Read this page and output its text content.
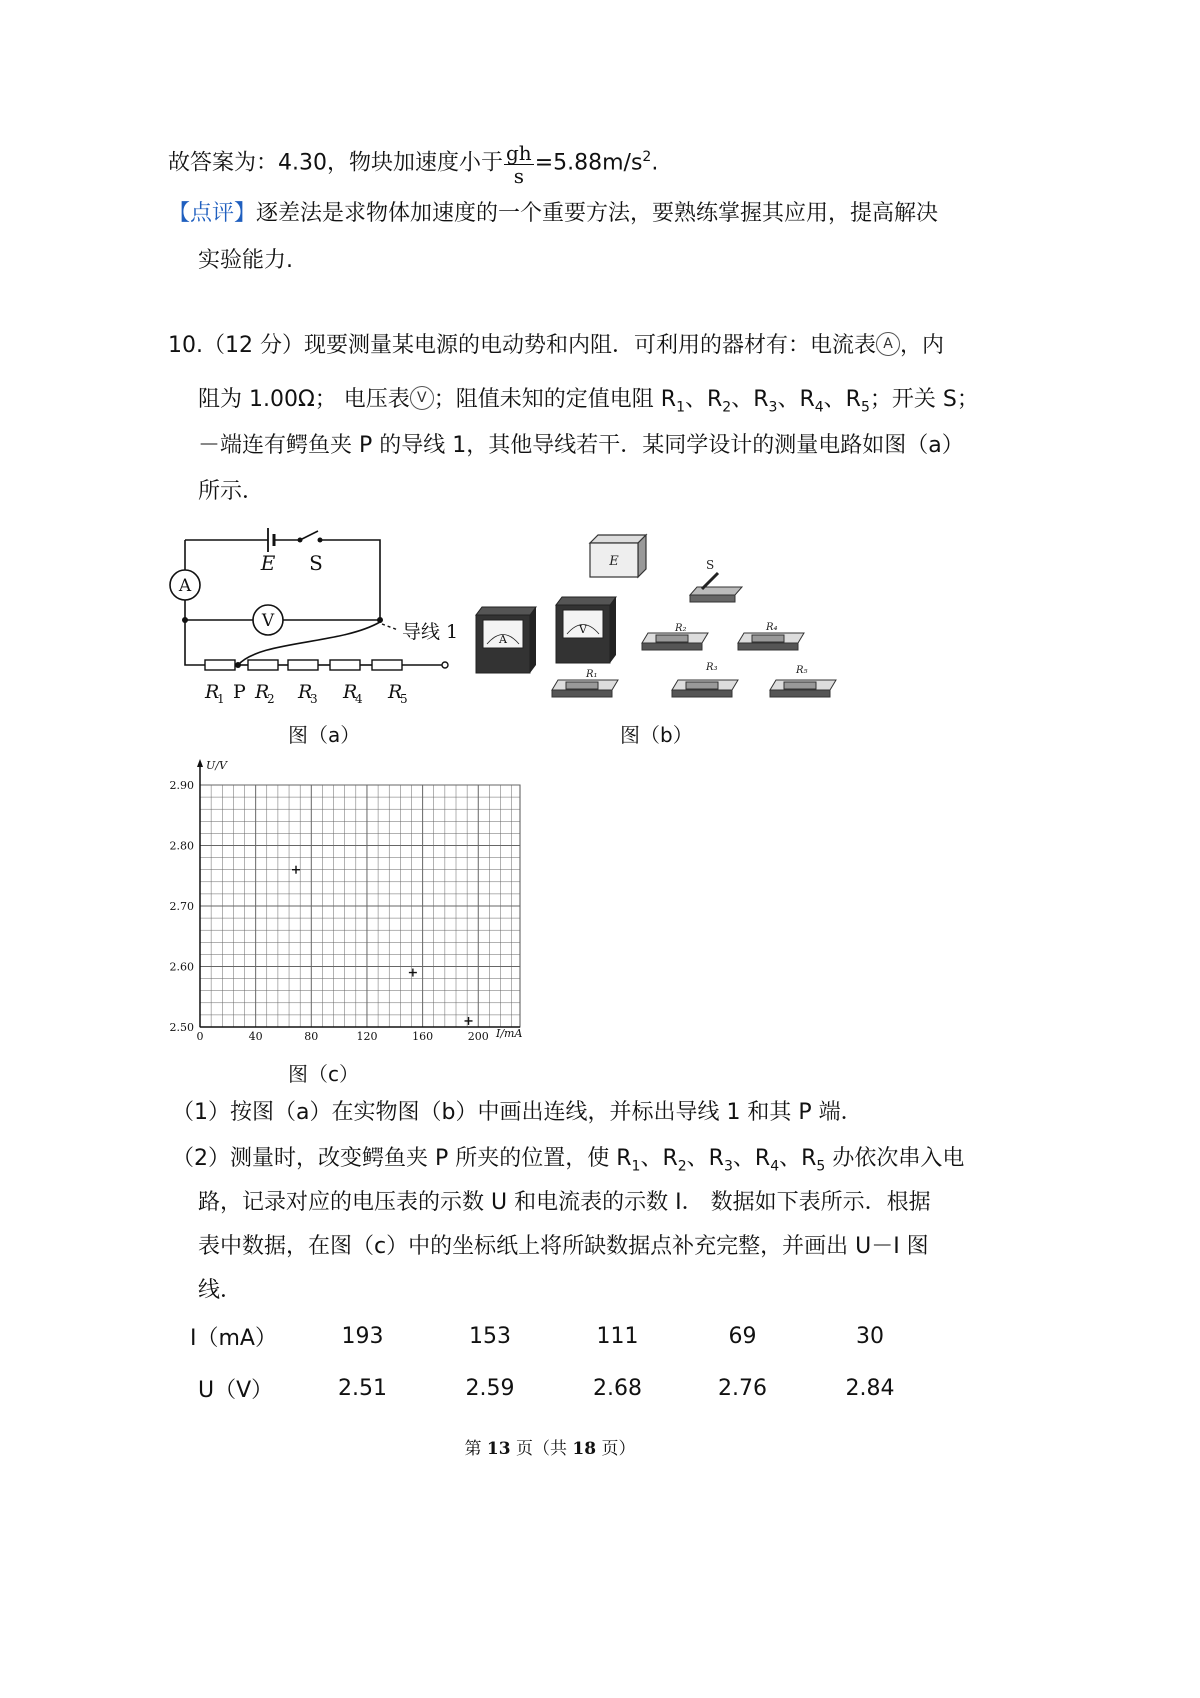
故答案为：4.30，物块加速度小于 $\frac{gh}{s} =5.88m/s^2$.
【点评】逐差法是求物体加速度的一个重要方法，要熟练掌握其应用，提高解决
实验能力.
10.（12 分）现要测量某电源的电动势和内阻．可利用的器材有：电流表 A ，内
阻为 1.00Ω； 电压表 V ；阻值未知的定值电阻 $R_1$、$R_2$、$R_3$、$R_4$、$R_5$；开关 S；
－端连有鳄鱼夹 P 的导线 1，其他导线若干．某同学设计的测量电路如图（a）
所示．
A
V
E S
导线 1
R
1 P R
2 R
3 R
4 R
5
图（a）
E	S
A
V	R₂	R₄
R₁
R₃	R₅
图（b）
U/V
I/mA
2.50
2.60
2.70
2.80
2.90
0	40	80	120	160	200
图（c）
（1）按图（a）在实物图（b）中画出连线，并标出导线 1 和其 P 端．
（2）测量时，改变鳄鱼夹 P 所夹的位置，使 $R_1$、$R_2$、$R_3$、$R_4$、$R_5$ 办依次串入电
路，记录对应的电压表的示数 U 和电流表的示数 I． 数据如下表所示．根据
表中数据，在图（c）中的坐标纸上将所缺数据点补充完整，并画出 U－I 图
线．
I（mA）	193	153	111	69	30
U（V）	2.51	2.59	2.68	2.76	2.84
第 13 页（共 18 页）
